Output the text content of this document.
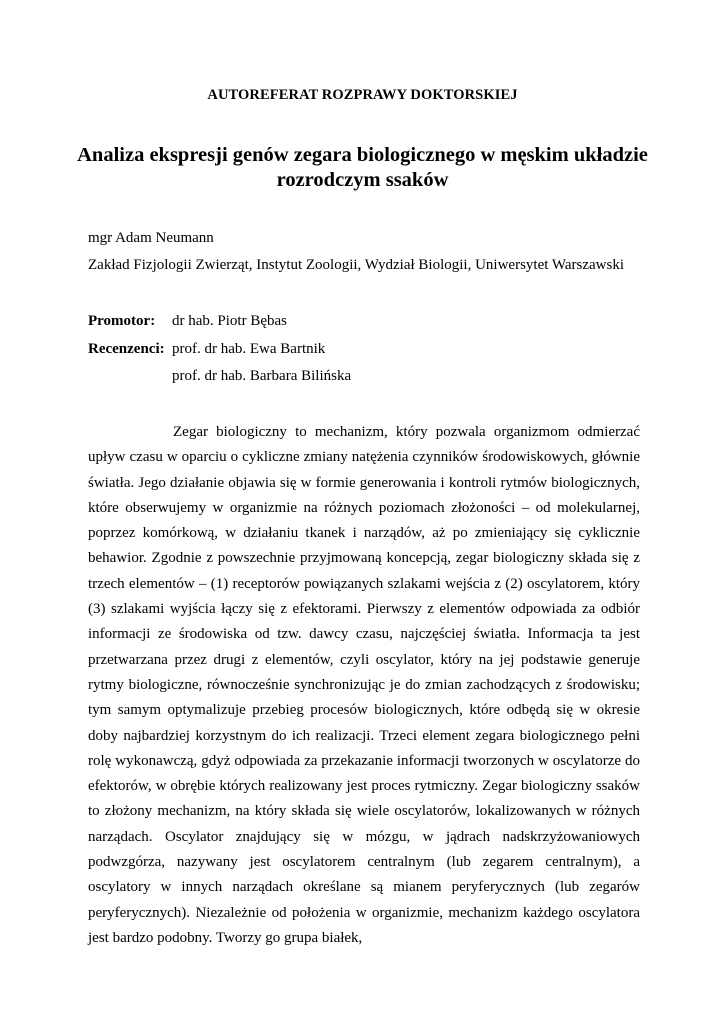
AUTOREFERAT ROZPRAWY DOKTORSKIEJ
Analiza ekspresji genów zegara biologicznego w męskim układzie rozrodczym ssaków
mgr Adam Neumann
Zakład Fizjologii Zwierząt, Instytut Zoologii, Wydział Biologii, Uniwersytet Warszawski
Promotor: dr hab. Piotr Bębas
Recenzenci: prof. dr hab. Ewa Bartnik
prof. dr hab. Barbara Bilińska

Zegar biologiczny to mechanizm, który pozwala organizmom odmierzać upływ czasu w oparciu o cykliczne zmiany natężenia czynników środowiskowych, głównie światła. Jego działanie objawia się w formie generowania i kontroli rytmów biologicznych, które obserwujemy w organizmie na różnych poziomach złożoności – od molekularnej, poprzez komórkową, w działaniu tkanek i narządów, aż po zmieniający się cyklicznie behawior. Zgodnie z powszechnie przyjmowaną koncepcją, zegar biologiczny składa się z trzech elementów – (1) receptorów powiązanych szlakami wejścia z (2) oscylatorem, który (3) szlakami wyjścia łączy się z efektorami. Pierwszy z elementów odpowiada za odbiór informacji ze środowiska od tzw. dawcy czasu, najczęściej światła. Informacja ta jest przetwarzana przez drugi z elementów, czyli oscylator, który na jej podstawie generuje rytmy biologiczne, równocześnie synchronizując je do zmian zachodzących z środowisku; tym samym optymalizuje przebieg procesów biologicznych, które odbędą się w okresie doby najbardziej korzystnym do ich realizacji. Trzeci element zegara biologicznego pełni rolę wykonawczą, gdyż odpowiada za przekazanie informacji tworzonych w oscylatorze do efektorów, w obrębie których realizowany jest proces rytmiczny. Zegar biologiczny ssaków to złożony mechanizm, na który składa się wiele oscylatorów, lokalizowanych w różnych narządach. Oscylator znajdujący się w mózgu, w jądrach nadskrzyżowaniowych podwzgórza, nazywany jest oscylatorem centralnym (lub zegarem centralnym), a oscylatory w innych narządach określane są mianem peryferycznych (lub zegarów peryferycznych). Niezależnie od położenia w organizmie, mechanizm każdego oscylatora jest bardzo podobny. Tworzy go grupa białek,
